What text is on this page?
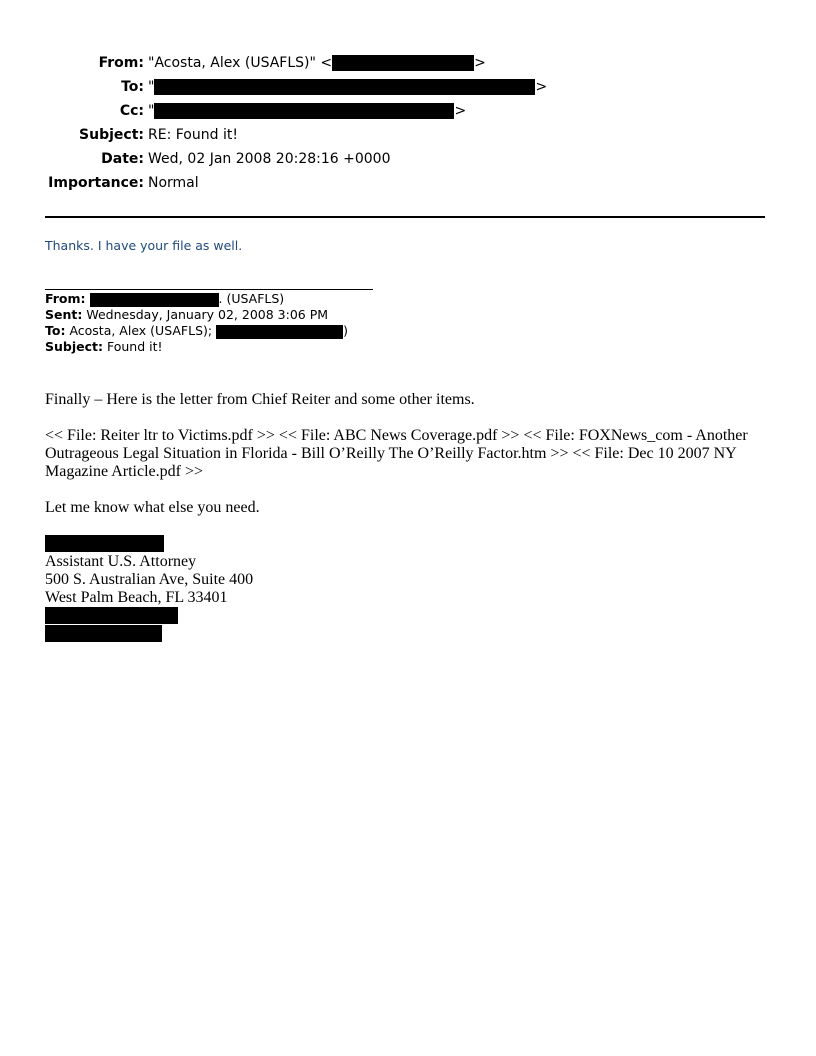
From: "Acosta, Alex (USAFLS)" <	>
To: "	>
Cc: "	>
Subject: RE: Found it!
Date: Wed, 02 Jan 2008 20:28:16 +0000
Importance: Normal
Thanks. I have your file as well.
From:	. (USAFLS)
Sent: Wednesday, January 02, 2008 3:06 PM
To: Acosta, Alex (USAFLS);	)
Subject: Found it!
Finally – Here is the letter from Chief Reiter and some other items.
<< File: Reiter ltr to Victims.pdf >> << File: ABC News Coverage.pdf >> << File: FOXNews_com - Another Outrageous Legal Situation in Florida - Bill O’Reilly The O’Reilly Factor.htm >> << File: Dec 10 2007 NY Magazine Article.pdf >>
Let me know what else you need.
Assistant U.S. Attorney
500 S. Australian Ave, Suite 400
West Palm Beach, FL 33401
